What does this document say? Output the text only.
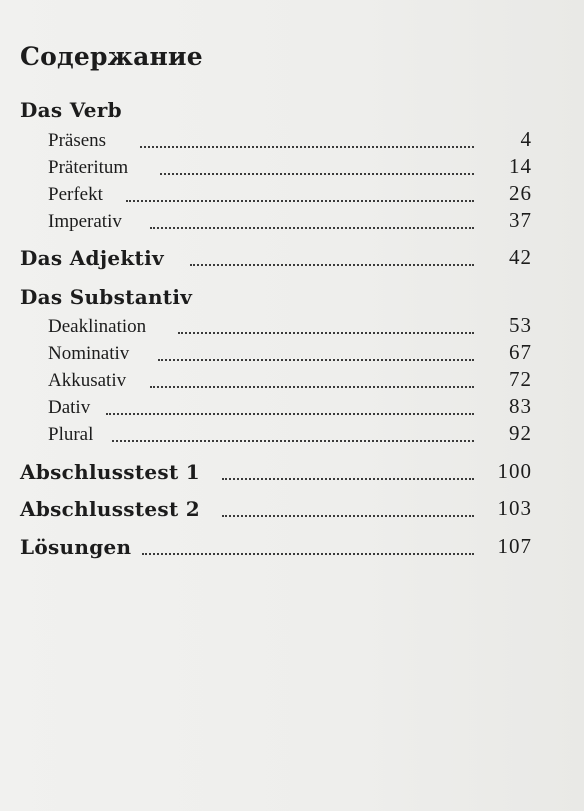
Содержание
Das Verb
Präsens	4
Präteritum	14
Perfekt	26
Imperativ	37
Das Adjektiv	42
Das Substantiv
Deaklination	53
Nominativ	67
Akkusativ	72
Dativ	83
Plural	92
Abschlusstest 1	100
Abschlusstest 2	103
Lösungen	107
